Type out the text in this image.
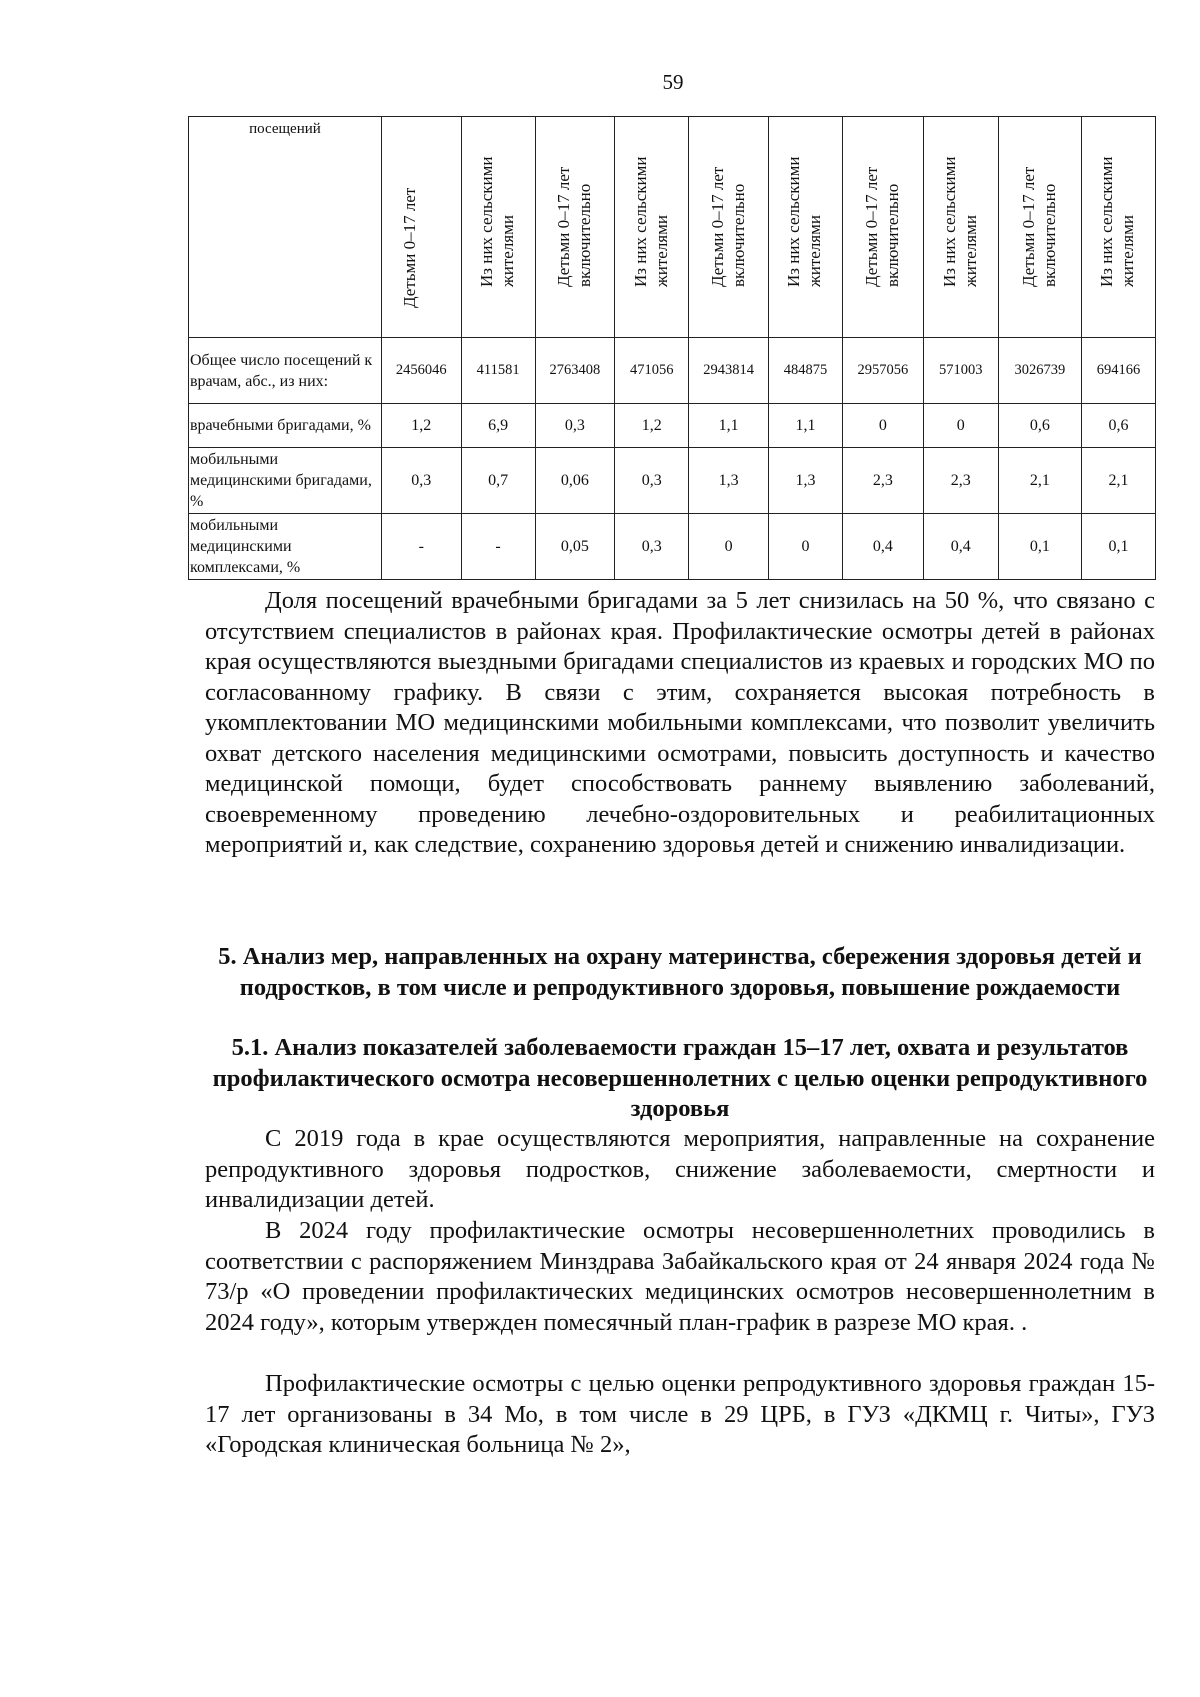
59
посещений	Детьми 0–17 лет	Из них сельскими жителями	Детьми 0–17 лет включительно	Из них сельскими жителями	Детьми 0–17 лет включительно	Из них сельскими жителями	Детьми 0–17 лет включительно	Из них сельскими жителями	Детьми 0–17 лет включительно	Из них сельскими жителями

Общее число посещений к врачам, абс., из них:	2456046	411581	2763408	471056	2943814	484875	2957056	571003	3026739	694166
врачебными бригадами, %	1,2	6,9	0,3	1,2	1,1	1,1	0	0	0,6	0,6
мобильными медицинскими бригадами, %	0,3	0,7	0,06	0,3	1,3	1,3	2,3	2,3	2,1	2,1
мобильными медицинскими комплексами, %	-	-	0,05	0,3	0	0	0,4	0,4	0,1	0,1
Доля посещений врачебными бригадами за 5 лет снизилась на 50 %, что связано с отсутствием специалистов в районах края. Профилактические осмотры детей в районах края осуществляются выездными бригадами специалистов из краевых и городских МО по согласованному графику. В связи с этим, сохраняется высокая потребность в укомплектовании МО медицинскими мобильными комплексами, что позволит увеличить охват детского населения медицинскими осмотрами, повысить доступность и качество медицинской помощи, будет способствовать раннему выявлению заболеваний, своевременному проведению лечебно-оздоровительных и реабилитационных мероприятий и, как следствие, сохранению здоровья детей и снижению инвалидизации.
5. Анализ мер, направленных на охрану материнства, сбережения здоровья детей и подростков, в том числе и репродуктивного здоровья, повышение рождаемости
5.1. Анализ показателей заболеваемости граждан 15–17 лет, охвата и результатов профилактического осмотра несовершеннолетних с целью оценки репродуктивного здоровья
С 2019 года в крае осуществляются мероприятия, направленные на сохранение репродуктивного здоровья подростков, снижение заболеваемости, смертности и инвалидизации детей.
В 2024 году профилактические осмотры несовершеннолетних проводились в соответствии с распоряжением Минздрава Забайкальского края от 24 января 2024 года № 73/р «О проведении профилактических медицинских осмотров несовершеннолетним в 2024 году», которым утвержден помесячный план-график в разрезе МО края. .
Профилактические осмотры с целью оценки репродуктивного здоровья граждан 15-17 лет организованы в 34 Мо, в том числе в 29 ЦРБ, в ГУЗ «ДКМЦ г. Читы», ГУЗ «Городская клиническая больница № 2»,
